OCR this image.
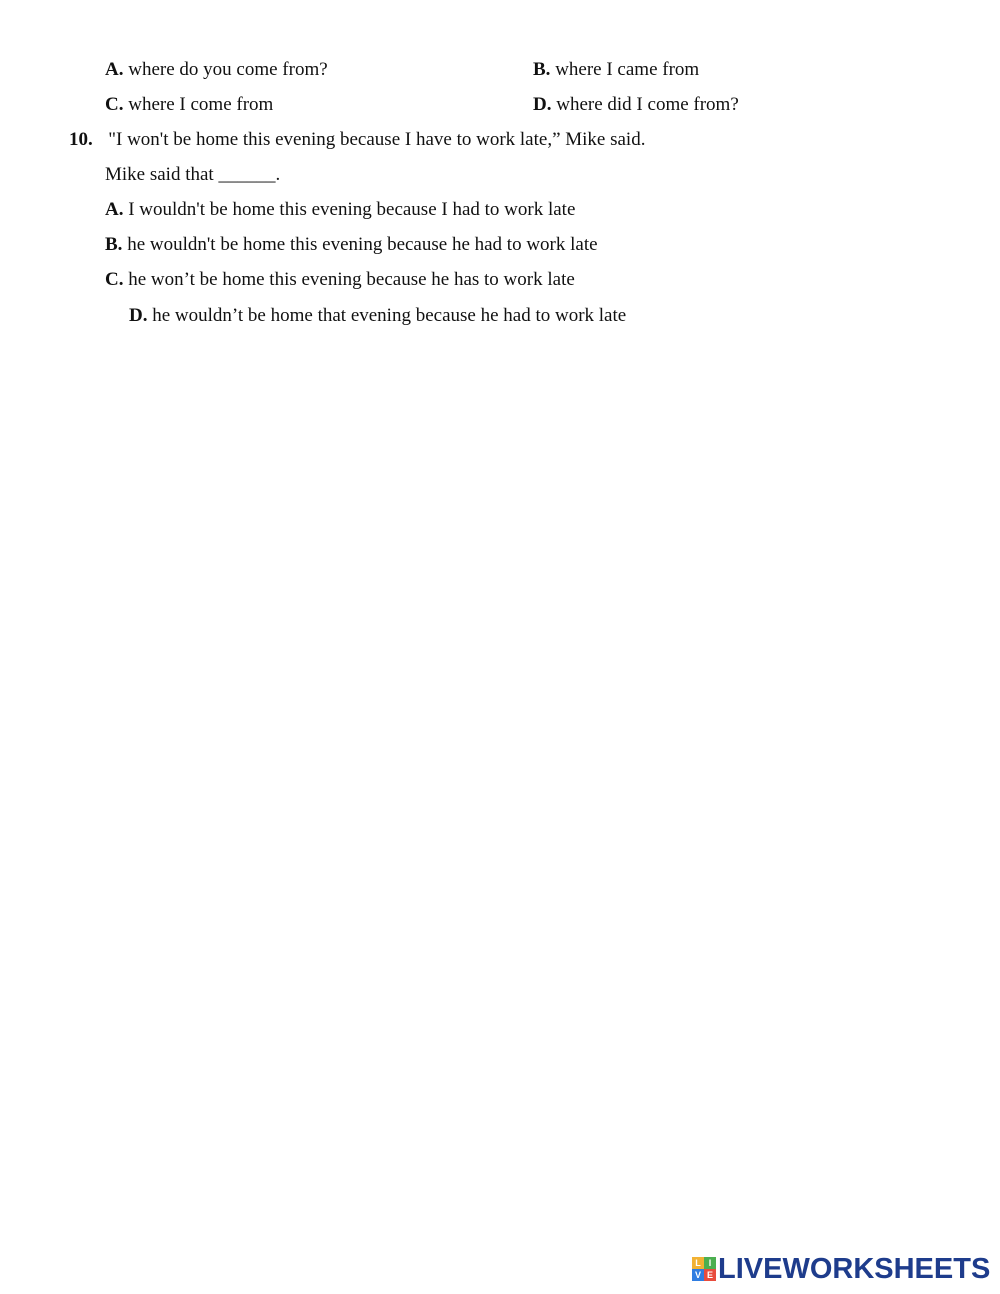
A. where do you come from?	B. where I came from
C. where I come from	D. where did I come from?
10. "I won't be home this evening because I have to work late,” Mike said.
Mike said that ______.
A. I wouldn't be home this evening because I had to work late
B. he wouldn't be home this evening because he had to work late
C. he won’t be home this evening because he has to work late
D. he wouldn’t be home that evening because he had to work late
L I
V E LIVEWORKSHEETS
